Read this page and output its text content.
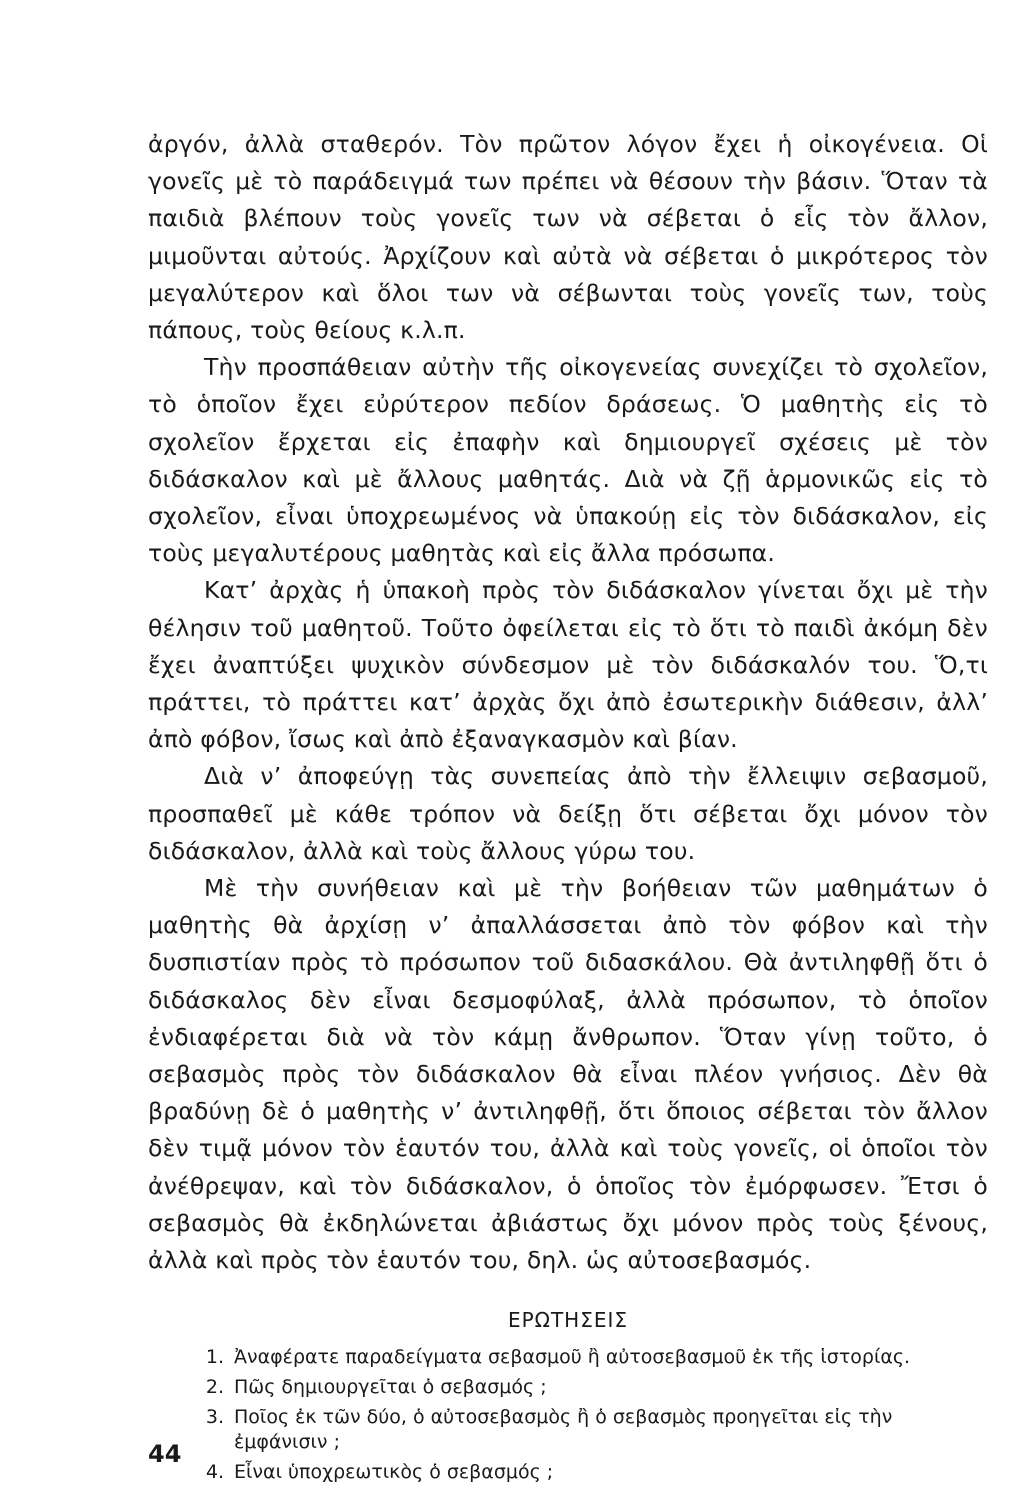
ἀργόν, ἀλλὰ σταθερόν. Τὸν πρῶτον λόγον ἔχει ἡ οἰκογένεια. Οἱ γονεῖς μὲ τὸ παράδειγμά των πρέπει νὰ θέσουν τὴν βάσιν. Ὅταν τὰ παιδιὰ βλέπουν τοὺς γονεῖς των νὰ σέβεται ὁ εἷς τὸν ἄλλον, μιμοῦνται αὐτούς. Ἀρχίζουν καὶ αὐτὰ νὰ σέβεται ὁ μικρότερος τὸν μεγαλύτερον καὶ ὅλοι των νὰ σέβωνται τοὺς γονεῖς των, τοὺς πάπους, τοὺς θείους κ.λ.π.

Τὴν προσπάθειαν αὐτὴν τῆς οἰκογενείας συνεχίζει τὸ σχολεῖον, τὸ ὁποῖον ἔχει εὐρύτερον πεδίον δράσεως. Ὁ μαθητὴς εἰς τὸ σχολεῖον ἔρχεται εἰς ἐπαφὴν καὶ δημιουργεῖ σχέσεις μὲ τὸν διδάσκαλον καὶ μὲ ἄλλους μαθητάς. Διὰ νὰ ζῇ ἁρμονικῶς εἰς τὸ σχολεῖον, εἶναι ὑποχρεωμένος νὰ ὑπακούῃ εἰς τὸν διδάσκαλον, εἰς τοὺς μεγαλυτέρους μαθητὰς καὶ εἰς ἄλλα πρόσωπα.

Κατ’ ἀρχὰς ἡ ὑπακοὴ πρὸς τὸν διδάσκαλον γίνεται ὄχι μὲ τὴν θέλησιν τοῦ μαθητοῦ. Τοῦτο ὀφείλεται εἰς τὸ ὅτι τὸ παιδὶ ἀκόμη δὲν ἔχει ἀναπτύξει ψυχικὸν σύνδεσμον μὲ τὸν διδάσκαλόν του. Ὅ,τι πράττει, τὸ πράττει κατ’ ἀρχὰς ὄχι ἀπὸ ἐσωτερικὴν διάθεσιν, ἀλλ’ ἀπὸ φόβον, ἴσως καὶ ἀπὸ ἐξαναγκασμὸν καὶ βίαν.

Διὰ ν’ ἀποφεύγῃ τὰς συνεπείας ἀπὸ τὴν ἔλλειψιν σεβασμοῦ, προσπαθεῖ μὲ κάθε τρόπον νὰ δείξῃ ὅτι σέβεται ὄχι μόνον τὸν διδάσκαλον, ἀλλὰ καὶ τοὺς ἄλλους γύρω του.

Μὲ τὴν συνήθειαν καὶ μὲ τὴν βοήθειαν τῶν μαθημάτων ὁ μαθητὴς θὰ ἀρχίσῃ ν’ ἀπαλλάσσεται ἀπὸ τὸν φόβον καὶ τὴν δυσπιστίαν πρὸς τὸ πρόσωπον τοῦ διδασκάλου. Θὰ ἀντιληφθῇ ὅτι ὁ διδάσκαλος δὲν εἶναι δεσμοφύλαξ, ἀλλὰ πρόσωπον, τὸ ὁποῖον ἐνδιαφέρεται διὰ νὰ τὸν κάμῃ ἄνθρωπον. Ὅταν γίνῃ τοῦτο, ὁ σεβασμὸς πρὸς τὸν διδάσκαλον θὰ εἶναι πλέον γνήσιος. Δὲν θὰ βραδύνῃ δὲ ὁ μαθητὴς ν’ ἀντιληφθῇ, ὅτι ὅποιος σέβεται τὸν ἄλλον δὲν τιμᾷ μόνον τὸν ἑαυτόν του, ἀλλὰ καὶ τοὺς γονεῖς, οἱ ὁποῖοι τὸν ἀνέθρεψαν, καὶ τὸν διδάσκαλον, ὁ ὁποῖος τὸν ἐμόρφωσεν. Ἔτσι ὁ σεβασμὸς θὰ ἐκδηλώνεται ἀβιάστως ὄχι μόνον πρὸς τοὺς ξένους, ἀλλὰ καὶ πρὸς τὸν ἑαυτόν του, δηλ. ὡς αὐτοσεβασμός.

ΕΡΩΤΗΣΕΙΣ
1. Ἀναφέρατε παραδείγματα σεβασμοῦ ἢ αὐτοσεβασμοῦ ἐκ τῆς ἱστορίας.
2. Πῶς δημιουργεῖται ὁ σεβασμός ;
3. Ποῖος ἐκ τῶν δύο, ὁ αὐτοσεβασμὸς ἢ ὁ σεβασμὸς προηγεῖται εἰς τὴν ἐμφάνισιν ;
4. Εἶναι ὑποχρεωτικὸς ὁ σεβασμός ;
44
